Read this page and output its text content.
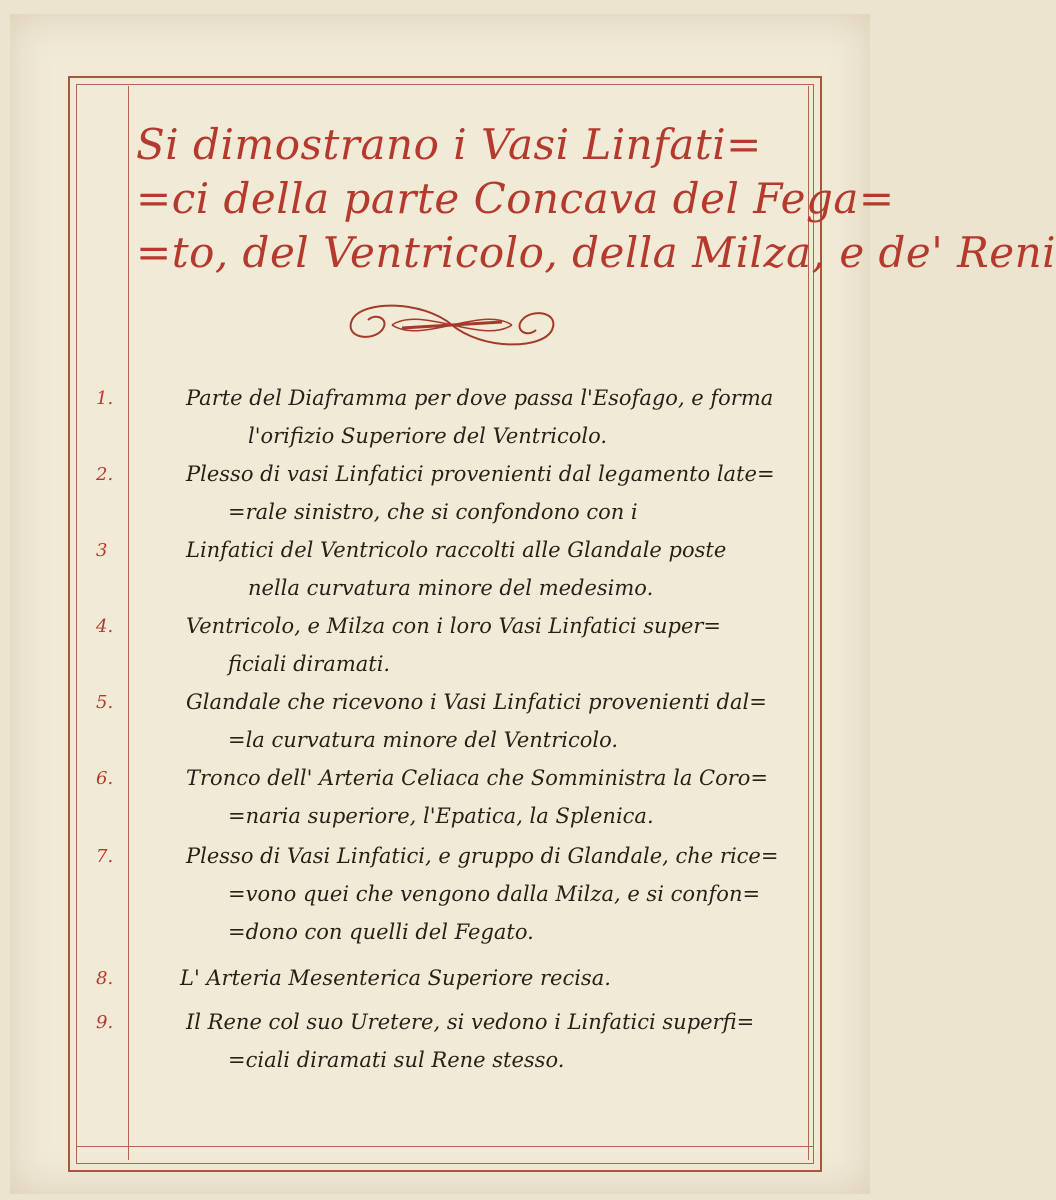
Si dimostrano i Vasi Linfati=
=ci della parte Concava del Fega=
=to, del Ventricolo, della Milza, e de' Reni
1.	Parte del Diaframma per dove passa l'Esofago, e forma
l'orifizio Superiore del Ventricolo.
2.	Plesso di vasi Linfatici provenienti dal legamento late=
=rale sinistro, che si confondono con i
3	Linfatici del Ventricolo raccolti alle Glandale poste
nella curvatura minore del medesimo.
4.	Ventricolo, e Milza con i loro Vasi Linfatici super=
ficiali diramati.
5.	Glandale che ricevono i Vasi Linfatici provenienti dal=
=la curvatura minore del Ventricolo.
6.	Tronco dell' Arteria Celiaca che Somministra la Coro=
=naria superiore, l'Epatica, la Splenica.
7.	Plesso di Vasi Linfatici, e gruppo di Glandale, che rice=
=vono quei che vengono dalla Milza, e si confon=
=dono con quelli del Fegato.
8.	L' Arteria Mesenterica Superiore recisa.
9.	Il Rene col suo Uretere, si vedono i Linfatici superfi=
=ciali diramati sul Rene stesso.
